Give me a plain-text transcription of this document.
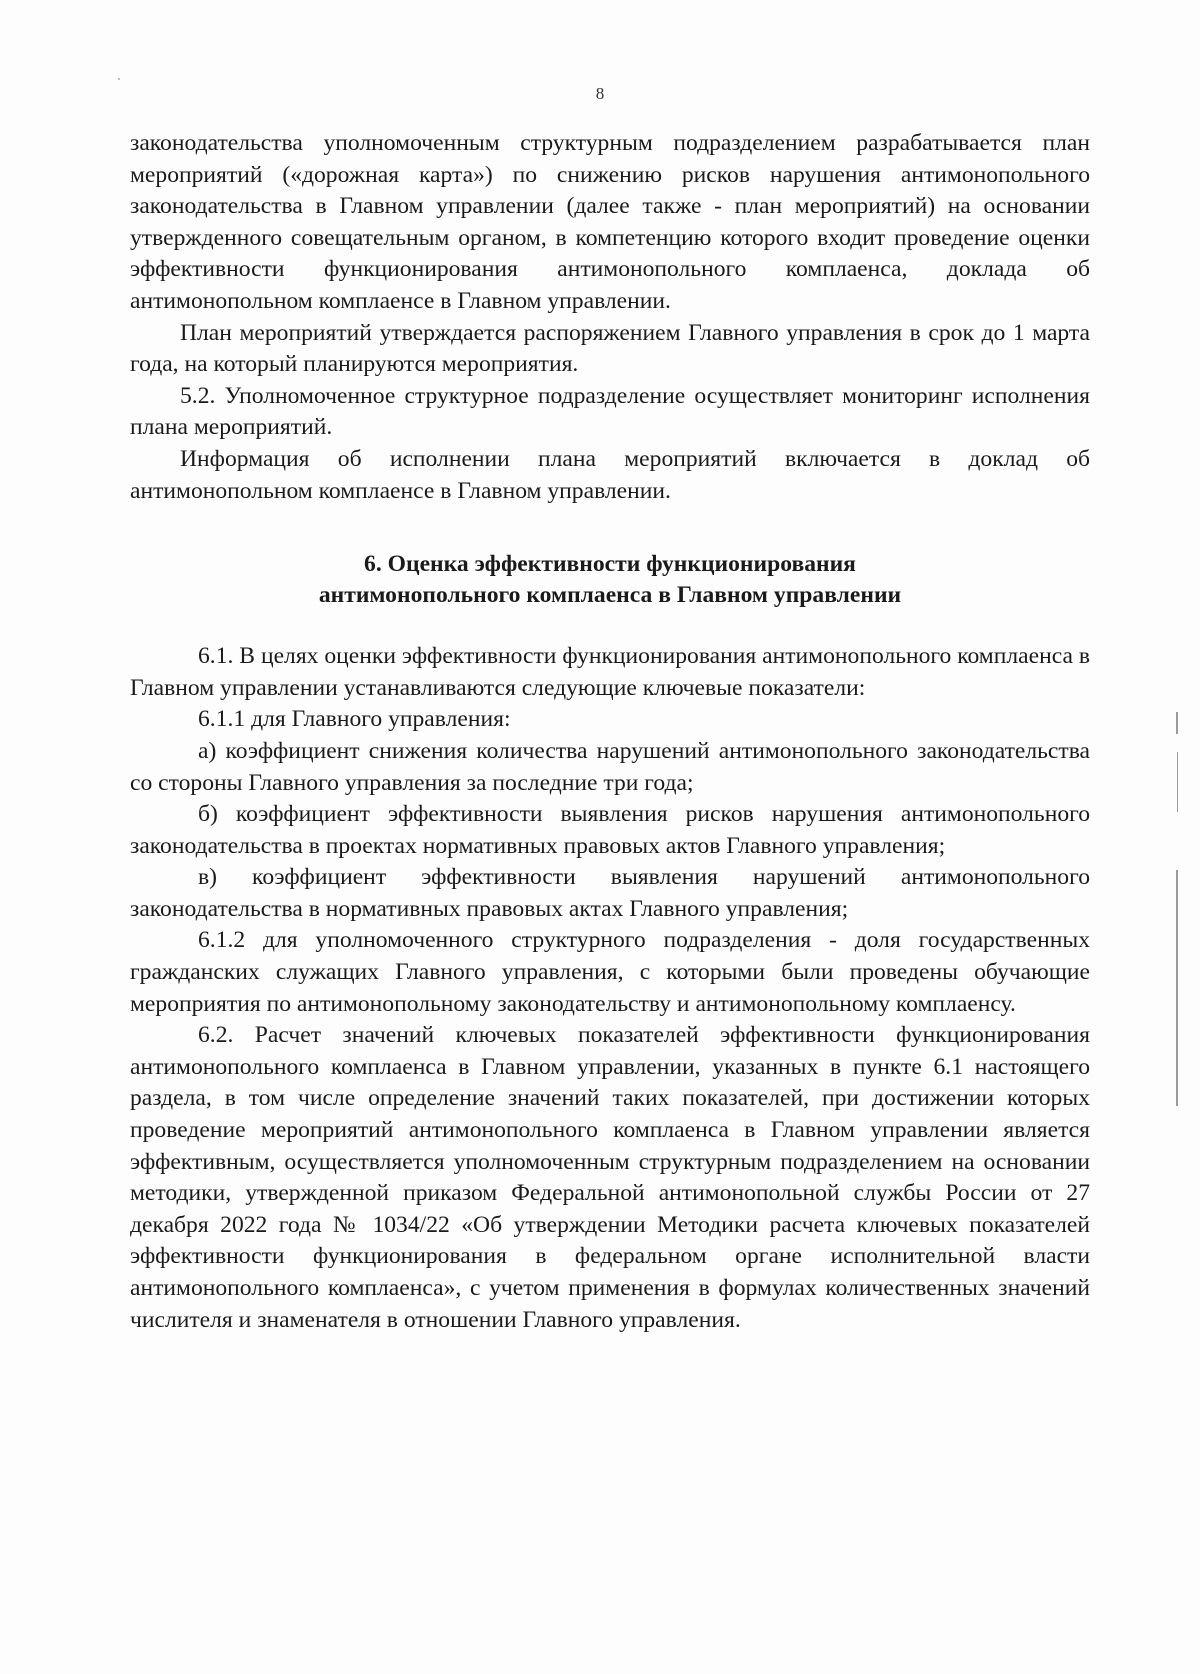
8

законодательства уполномоченным структурным подразделением разрабатывается план мероприятий («дорожная карта») по снижению рисков нарушения антимонопольного законодательства в Главном управлении (далее также - план мероприятий) на основании утвержденного совещательным органом, в компетенцию которого входит проведение оценки эффективности функционирования антимонопольного комплаенса, доклада об антимонопольном комплаенсе в Главном управлении.

План мероприятий утверждается распоряжением Главного управления в срок до 1 марта года, на который планируются мероприятия.

5.2. Уполномоченное структурное подразделение осуществляет мониторинг исполнения плана мероприятий.

Информация об исполнении плана мероприятий включается в доклад об антимонопольном комплаенсе в Главном управлении.

6. Оценка эффективности функционирования
антимонопольного комплаенса в Главном управлении

6.1. В целях оценки эффективности функционирования антимонопольного комплаенса в Главном управлении устанавливаются следующие ключевые показатели:

6.1.1 для Главного управления:

а) коэффициент снижения количества нарушений антимонопольного законодательства со стороны Главного управления за последние три года;

б) коэффициент эффективности выявления рисков нарушения антимонопольного законодательства в проектах нормативных правовых актов Главного управления;

в) коэффициент эффективности выявления нарушений антимонопольного законодательства в нормативных правовых актах Главного управления;

6.1.2 для уполномоченного структурного подразделения - доля государственных гражданских служащих Главного управления, с которыми были проведены обучающие мероприятия по антимонопольному законодательству и антимонопольному комплаенсу.

6.2. Расчет значений ключевых показателей эффективности функционирования антимонопольного комплаенса в Главном управлении, указанных в пункте 6.1 настоящего раздела, в том числе определение значений таких показателей, при достижении которых проведение мероприятий антимонопольного комплаенса в Главном управлении является эффективным, осуществляется уполномоченным структурным подразделением на основании методики, утвержденной приказом Федеральной антимонопольной службы России от 27 декабря 2022 года № 1034/22 «Об утверждении Методики расчета ключевых показателей эффективности функционирования в федеральном органе исполнительной власти антимонопольного комплаенса», с учетом применения в формулах количественных значений числителя и знаменателя в отношении Главного управления.
